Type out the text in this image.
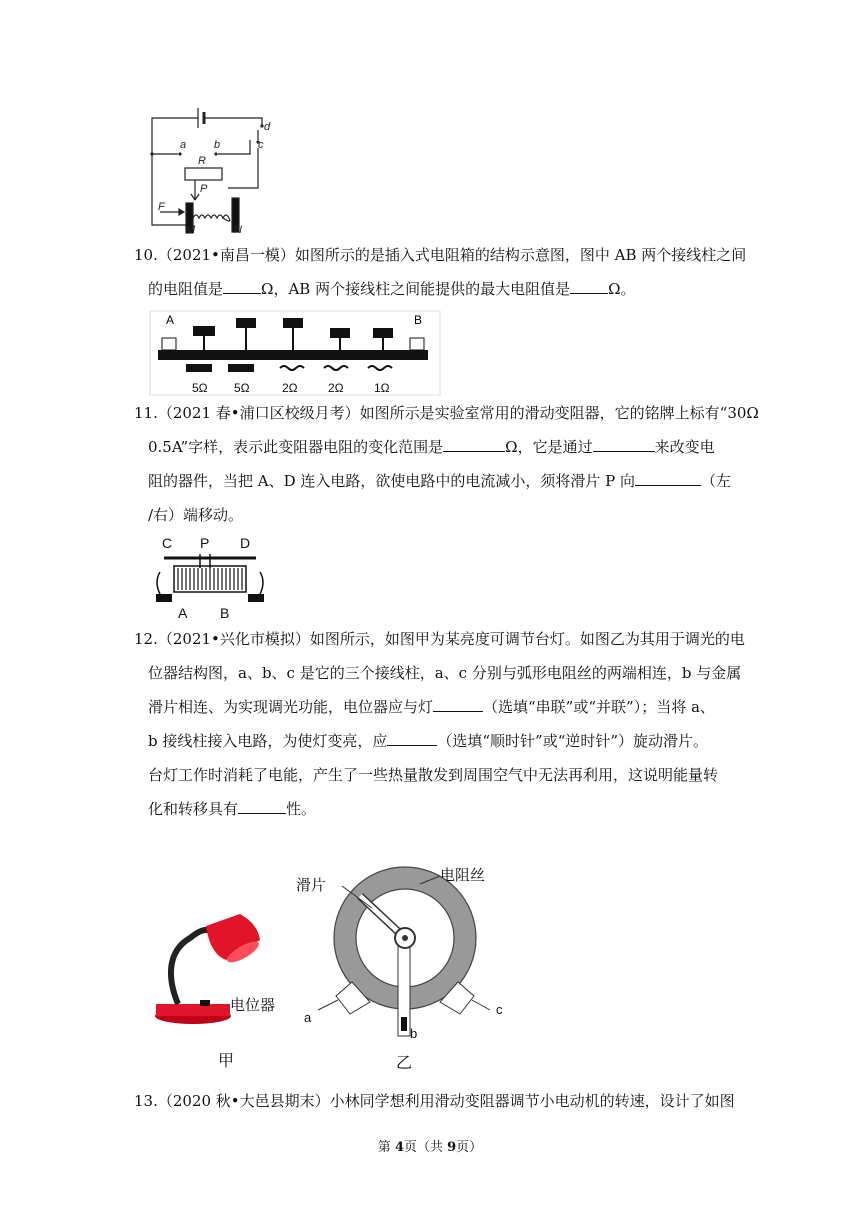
a	b	c
d
R
P
F
M	N
10.（2021•南昌一模）如图所示的是插入式电阻箱的结构示意图，图中 AB 两个接线柱之间
的电阻值是	Ω，AB 两个接线柱之间能提供的最大电阻值是	Ω。
A	B
5Ω 5Ω	2Ω	2Ω	1Ω
11.（2021 春•浦口区校级月考）如图所示是实验室常用的滑动变阻器，它的铭牌上标有“30Ω
0.5A”字样，表示此变阻器电阻的变化范围是	Ω，它是通过	来改变电
阻的器件，当把 A、D 连入电路，欲使电路中的电流减小，须将滑片 P 向	（左
/右）端移动。
C P D
A B
12.（2021•兴化市模拟）如图所示，如图甲为某亮度可调节台灯。如图乙为其用于调光的电
位器结构图，a、b、c 是它的三个接线柱，a、c 分别与弧形电阻丝的两端相连，b 与金属
滑片相连、为实现调光功能，电位器应与灯	（选填“串联”或“并联”）；当将 a、
b 接线柱接入电路，为使灯变亮，应	（选填“顺时针”或“逆时针”）旋动滑片。
台灯工作时消耗了电能，产生了一些热量散发到周围空气中无法再利用，这说明能量转
化和转移具有	性。
电位器
甲
电阻丝
滑片
a
b
c
乙
13.（2020 秋•大邑县期末）小林同学想利用滑动变阻器调节小电动机的转速，设计了如图
第 4页（共 9页）
